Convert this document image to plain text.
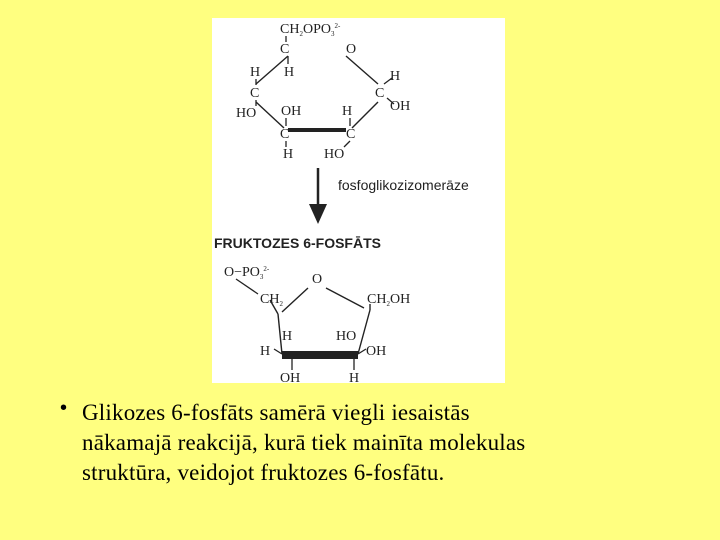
$CH_2OPO_3^{2-}$
C	O
H
H
C
HO
H
C
OH
OH
C
H
H
C
HO
fosfoglikozizomerāze
FRUKTOZES 6-FOSFĀTS
$O-PO_3^{2-}$
O
$CH_2$	$CH_2OH$
H	HO
H	OH
OH	H
• Glikozes 6-fosfāts samērā viegli iesaistās
nākamajā reakcijā, kurā tiek mainīta molekulas
struktūra, veidojot fruktozes 6-fosfātu.
